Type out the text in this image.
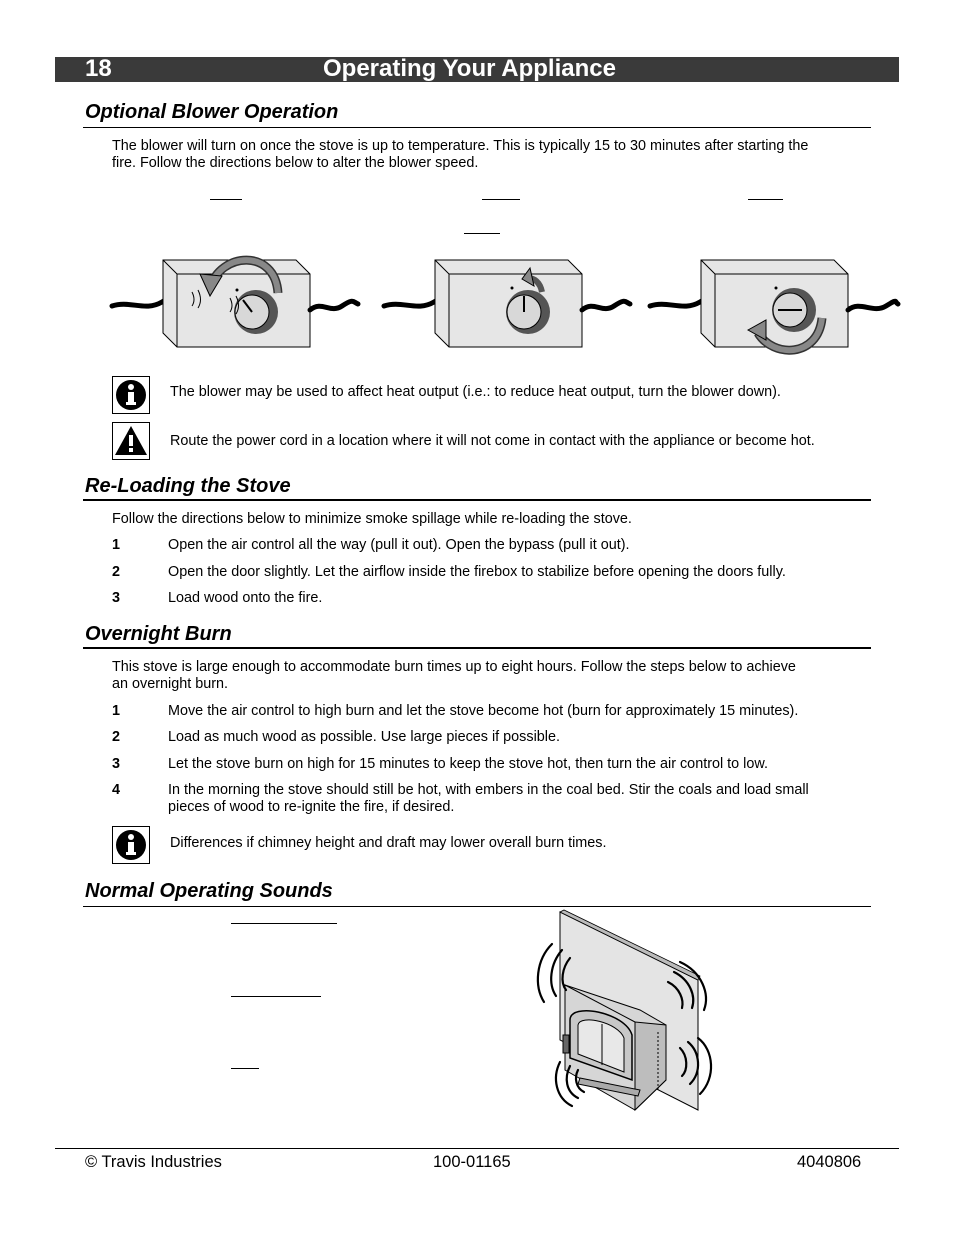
18	Operating Your Appliance
Optional Blower Operation
The blower will turn on once the stove is up to temperature. This is typically 15 to 30 minutes after starting the fire. Follow the directions below to alter the blower speed.
The blower may be used to affect heat output (i.e.: to reduce heat output, turn the blower down).
Route the power cord in a location where it will not come in contact with the appliance or become hot.
Re-Loading the Stove
Follow the directions below to minimize smoke spillage while re-loading the stove.
1	Open the air control all the way (pull it out). Open the bypass (pull it out).
2	Open the door slightly. Let the airflow inside the firebox to stabilize before opening the doors fully.
3	Load wood onto the fire.
Overnight Burn
This stove is large enough to accommodate burn times up to eight hours. Follow the steps below to achieve an overnight burn.
1	Move the air control to high burn and let the stove become hot (burn for approximately 15 minutes).
2	Load as much wood as possible. Use large pieces if possible.
3	Let the stove burn on high for 15 minutes to keep the stove hot, then turn the air control to low.
4	In the morning the stove should still be hot, with embers in the coal bed. Stir the coals and load small pieces of wood to re-ignite the fire, if desired.
Differences if chimney height and draft may lower overall burn times.
Normal Operating Sounds
© Travis Industries	100-01165	4040806
